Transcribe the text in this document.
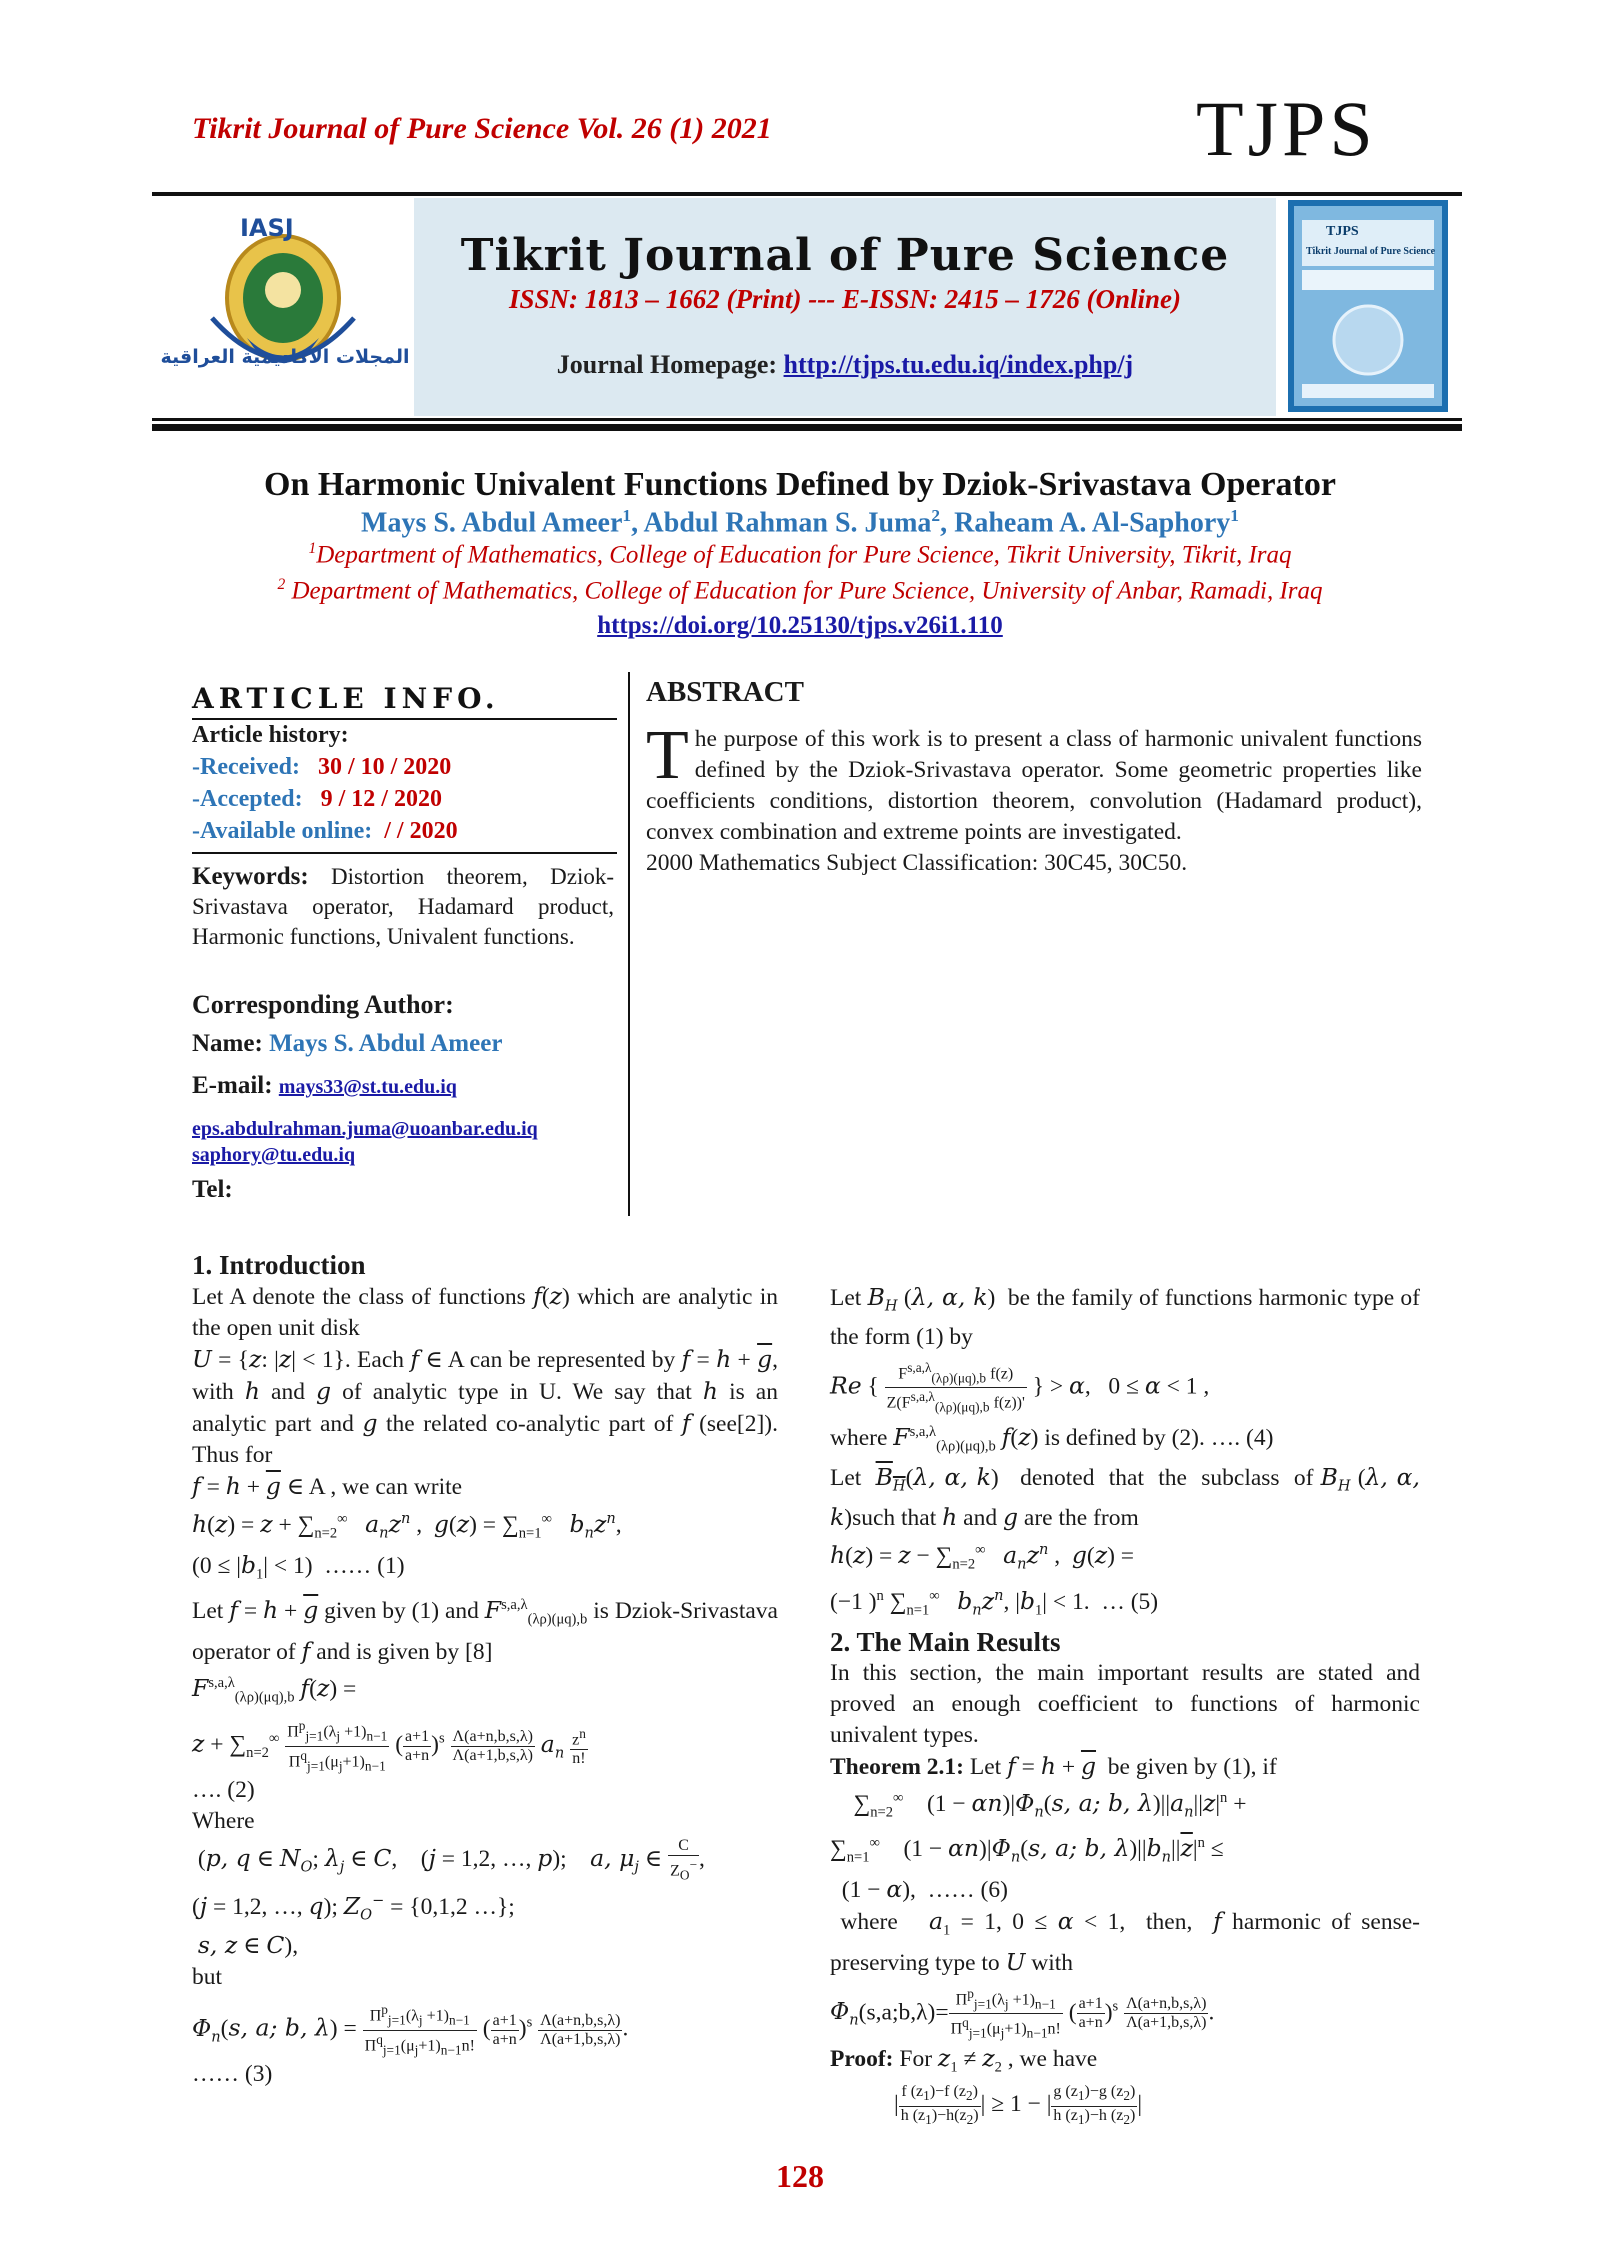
Tikrit Journal of Pure Science Vol. 26 (1) 2021	TJPS
IASJ
المجلات الاكاديمية العراقية
Tikrit Journal of Pure Science
ISSN: 1813 – 1662 (Print) --- E-ISSN: 2415 – 1726 (Online)
Journal Homepage: http://tjps.tu.edu.iq/index.php/j
TJPS
Tikrit Journal of Pure Science
On Harmonic Univalent Functions Defined by Dziok-Srivastava Operator
Mays S. Abdul Ameer$^1$, Abdul Rahman S. Juma$^2$, Raheam A. Al-Saphory$^1$
$^1$Department of Mathematics, College of Education for Pure Science, Tikrit University, Tikrit, Iraq
$^2$ Department of Mathematics, College of Education for Pure Science, University of Anbar, Ramadi, Iraq
https://doi.org/10.25130/tjps.v26i1.110
ARTICLE INFO.
Article history:
-Received: 30 / 10 / 2020
-Accepted: 9 / 12 / 2020
-Available online: / / 2020
Keywords: Distortion theorem, Dziok-Srivastava operator, Hadamard product, Harmonic functions, Univalent functions.
Corresponding Author:
Name: Mays S. Abdul Ameer
E-mail: mays33@st.tu.edu.iq
eps.abdulrahman.juma@uoanbar.edu.iq
saphory@tu.edu.iq
Tel:
ABSTRACT
T he purpose of this work is to present a class of harmonic univalent functions defined by the Dziok-Srivastava operator. Some geometric properties like coefficients conditions, distortion theorem, convolution (Hadamard product), convex combination and extreme points are investigated.
2000 Mathematics Subject Classification: 30C45, 30C50.
1. Introduction
Let A denote the class of functions f(z) which are analytic in the open unit disk
U = {z: |z| < 1}. Each f ∈ A can be represented by $f = h + \overline{g}$, with h and g of analytic type in U. We say that h is an analytic part and g the related co-analytic part of f (see[2]). Thus for
$f = h + \overline{g}$ ∈ A , we can write
$h(z) = z + \sum_{n=2}^\infty$ $a_nz^n$ ,  $g(z) = \sum_{n=1}^\infty$ $b_nz^n$,
$(0 \le |b_1| < 1)$  …… (1)
Let $f = h + \overline{g}$ given by (1) and $F^{s,a,\lambda}_{(\lambda\rho)(\mu q),b}$ is Dziok-Srivastava operator of f and is given by [8]
$F^{s,a,\lambda}_{(\lambda\rho)(\mu q),b}$ f(z) =
$z + \sum_{n=2}^\infty \frac{\Pi^p_{j=1}(\lambda_j +1)_{n-1}}{\Pi^q_{j=1}(\mu_j+1)_{n-1}}$ ( $\frac{a+1}{a+n} )^s \frac{\Lambda(a+n,b,s,\lambda)}{\Lambda(a+1,b,s,\lambda)} a_n \frac{z^n}{n!}$
…. (2)
Where
(p, q ∈ $N_O$; $\lambda_j$ ∈ C,    (j = 1,2, …, p);    a, $\mu_j$ ∈ $\frac{C}{Z_O^-}$ ,
(j = 1,2, …, q); $Z_O^- = \{0,1,2$ …};
s, z ∈ C),
but
$\Phi_n(s$, a; b, $\lambda) = \frac{\Pi^p_{j=1}(\lambda_j +1)_{n-1}}{\Pi^q_{j=1}(\mu_j+1)_{n-1}n!}$ ( $\frac{a+1}{a+n} )^s \frac{\Lambda(a+n,b,s,\lambda)}{\Lambda(a+1,b,s,\lambda)}$ .
…… (3)
Let $B_H$ (λ, α, k)  be the family of functions harmonic type of the form (1) by
Re { $\frac{F^{s,a,\lambda}_{(\lambda\rho)(\mu q),b} f(z)}{Z(F^{s,a,\lambda}_{(\lambda\rho)(\mu q),b} f(z))'}$ } > α,   0 ≤ α < 1 ,
where $F^{s,a,\lambda}_{(\lambda\rho)(\mu q),b}$ f(z) is defined by (2). …. (4)
Let  $B_H(\lambda$, α, k)   denoted  that  the  subclass  of $B_H$ (λ, α, k)such that h and g are the from
$h(z) = z - \sum_{n=2}^\infty$ $a_nz^n$ ,  g(z) =
(−1 )$^n$ $\sum_{n=1}^\infty$ $b_nz^n$, $|b_1| < 1$.  … (5)
2. The Main Results
In this section, the main important results are stated and proved an enough coefficient to functions of harmonic univalent types.
Theorem 2.1: Let $f = h + \overline{g}$  be given by (1), if
$\sum_{n=2}^\infty$    $(1 - \alpha n)|\Phi_n(s$, a; b, $\lambda)||a_n||z|^n$ +
$\sum_{n=1}^\infty$    $(1 - \alpha n)|\Phi_n(s$, a; b, $\lambda)||b_n||\overline{z}|^n$ ≤
(1 − α),  …… (6)
where   $a_1 = 1$, 0 ≤ α < 1,  then,  f harmonic of sense-preserving type to U with
$\Phi_n(s,a;b,\lambda)= \frac{\Pi^p_{j=1}(\lambda_j +1)_{n-1}}{\Pi^q_{j=1}(\mu_j+1)_{n-1}n!}$ ( $\frac{a+1}{a+n} )^s \frac{\Lambda(a+n,b,s,\lambda)}{\Lambda(a+1,b,s,\lambda)}$ .
Proof: For $z_1 \ne z_2$ , we have
| $\frac{f (z_1)-f (z_2)}{h (z_1)-h(z_2)}$ | ≥ 1 − | $\frac{g (z_1)-g (z_2)}{h (z_1)-h (z_2)}$ |
128
